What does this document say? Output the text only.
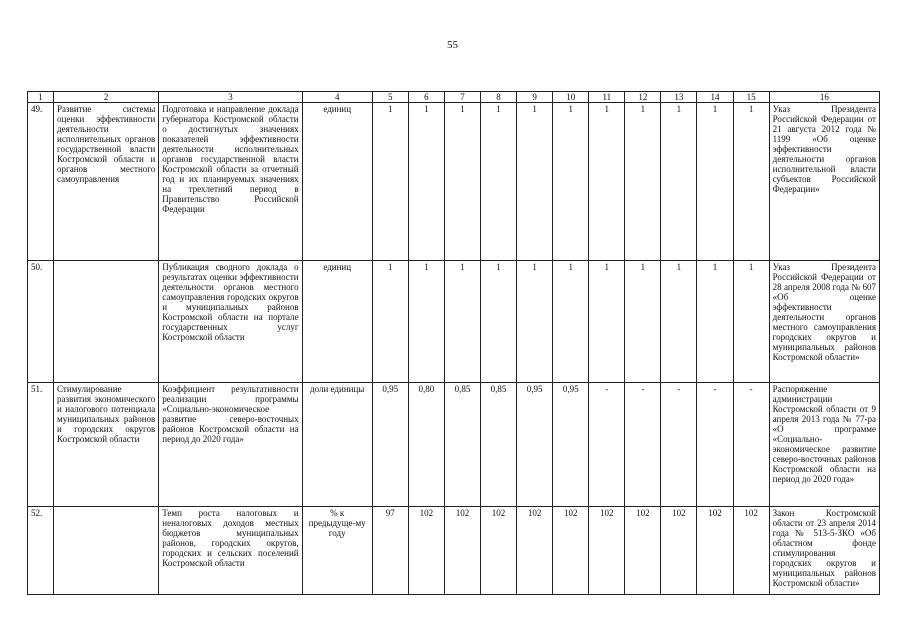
55
1	2	3	4	5	6	7	8	9	10	11	12	13	14	15	16
49.	Развитие системы оценки эффективности деятельности исполнительных органов государственной власти Костромской области и органов местного самоуправления	Подготовка и направление доклада губернатора Костромской области о достигнутых значениях показателей эффективности деятельности исполнительных органов государственной власти Костромской области за отчетный год и их планируемых значениях на трехлетний период в Правительство Российской Федерации	единиц	1	1	1	1	1	1	1	1	1	1	1	Указ Президента Российской Федерации от 21 августа 2012 года № 1199 «Об оценке эффективности деятельности органов исполнительной власти субъектов Российской Федерации»
50.		Публикация сводного доклада о результатах оценки эффективности деятельности органов местного самоуправления городских округов и муниципальных районов Костромской области на портале государственных услуг Костромской области	единиц	1	1	1	1	1	1	1	1	1	1	1	Указ Президента Российской Федерации от 28 апреля 2008 года № 607 «Об оценке эффективности деятельности органов местного самоуправления городских округов и муниципальных районов Костромской области»
51.	Стимулирование развития экономического и налогового потенциала муниципальных районов и городских округов Костромской области	Коэффициент результативности реализации программы «Социально-экономическое развитие северо-восточных районов Костромской области на период до 2020 года»	доли единицы	0,95	0,80	0,85	0,85	0,95	0,95	-	-	-	-	-	Распоряжение администрации Костромской области от 9 апреля 2013 года № 77-ра «О программе «Социально-экономическое развитие северо-восточных районов Костромской области на период до 2020 года»
52.		Темп роста налоговых и неналоговых доходов местных бюджетов муниципальных районов, городских округов, городских и сельских поселений Костромской области	% к предыдуще-му году	97	102	102	102	102	102	102	102	102	102	102	Закон Костромской области от 23 апреля 2014 года № 513-5-ЗКО «Об областном фонде стимулирования городских округов и муниципальных районов Костромской области»
